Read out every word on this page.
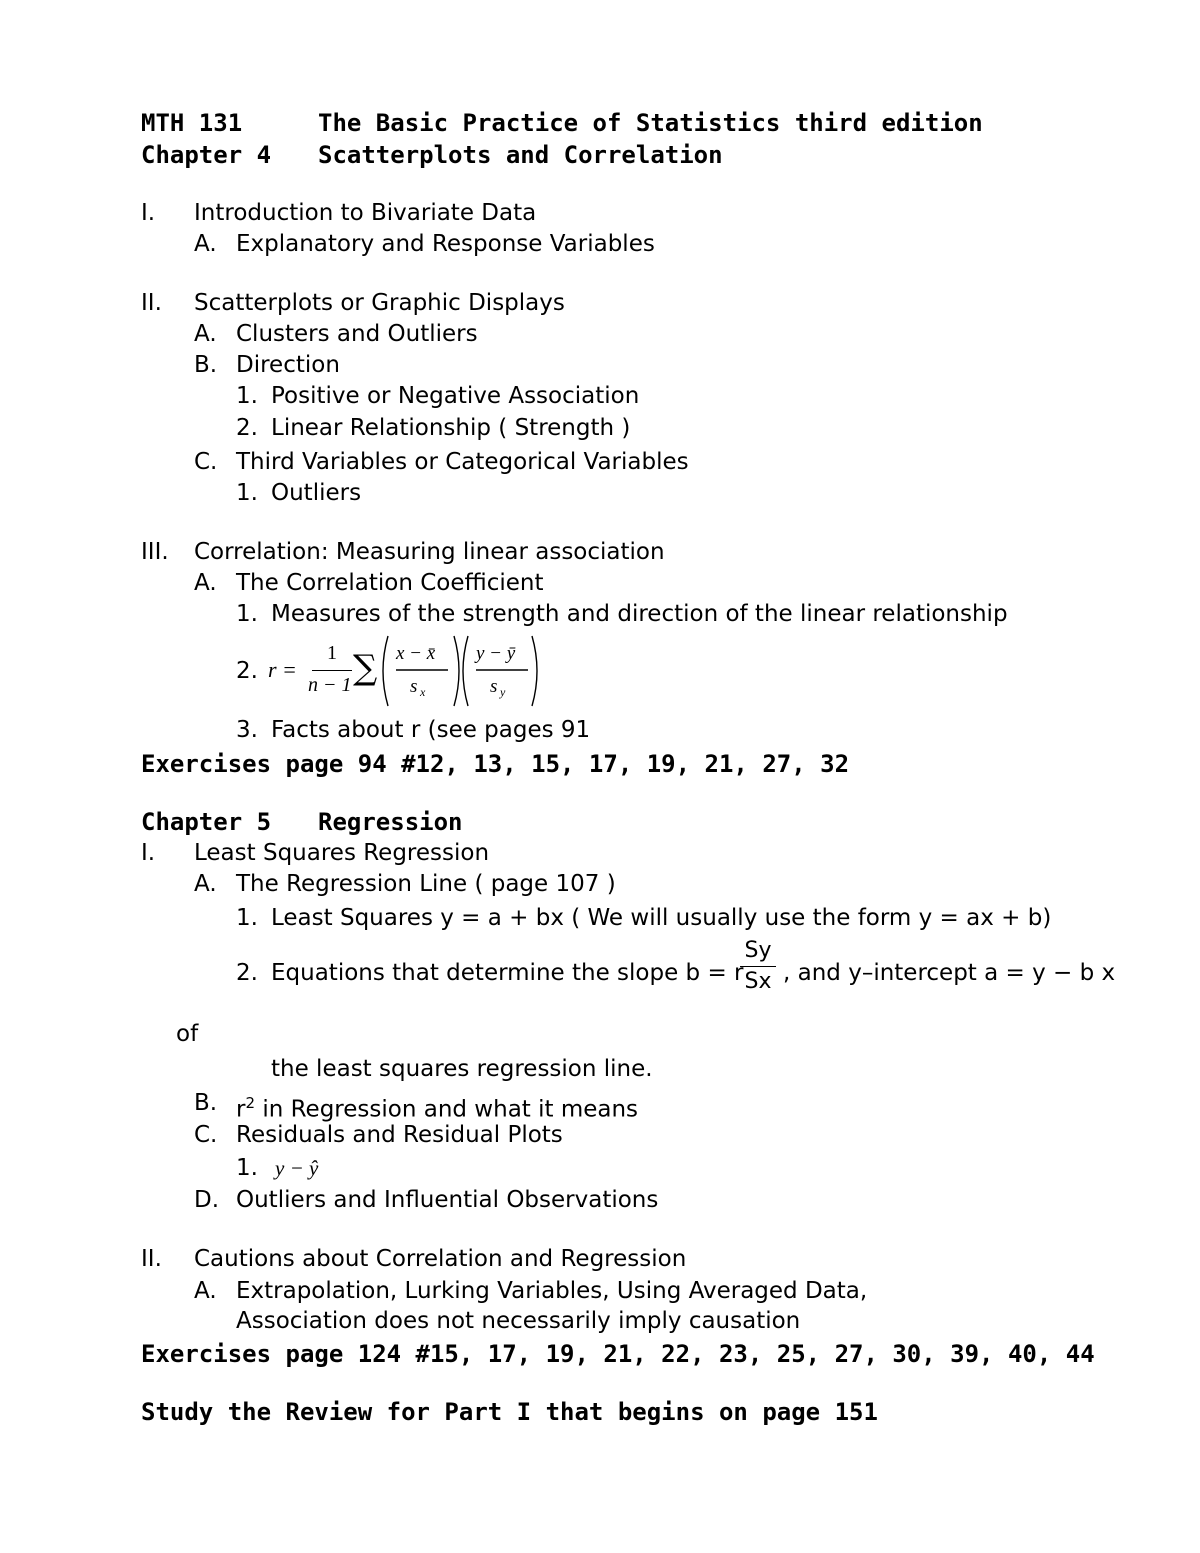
MTH 131	The Basic Practice of Statistics third edition
Chapter 4 Scatterplots and Correlation
I. Introduction to Bivariate Data
A. Explanatory and Response Variables
II. Scatterplots or Graphic Displays
A. Clusters and Outliers
B. Direction
1. Positive or Negative Association
2. Linear Relationship ( Strength )
C. Third Variables or Categorical Variables
1. Outliers
III. Correlation: Measuring linear association
A. The Correlation Coefficient
1. Measures of the strength and direction of the linear relationship
2. r =
1
n − 1 ∑ x − x̄
s x
y − ȳ
s y
3. Facts about r (see pages 91
Exercises page 94 #12, 13, 15, 17, 19, 21, 27, 32
Chapter 5 Regression
I. Least Squares Regression
A. The Regression Line ( page 107 )
1. Least Squares y = a + bx ( We will usually use the form y = ax + b)
2. Equations that determine the slope b = r
Sy
Sx , and y–intercept a = y − b x
of
the least squares regression line.
B. $r^2$ in Regression and what it means
C. Residuals and Residual Plots
1. y − ŷ
D. Outliers and Influential Observations
II. Cautions about Correlation and Regression
A. Extrapolation, Lurking Variables, Using Averaged Data,
Association does not necessarily imply causation
Exercises page 124 #15, 17, 19, 21, 22, 23, 25, 27, 30, 39, 40, 44
Study the Review for Part I that begins on page 151
